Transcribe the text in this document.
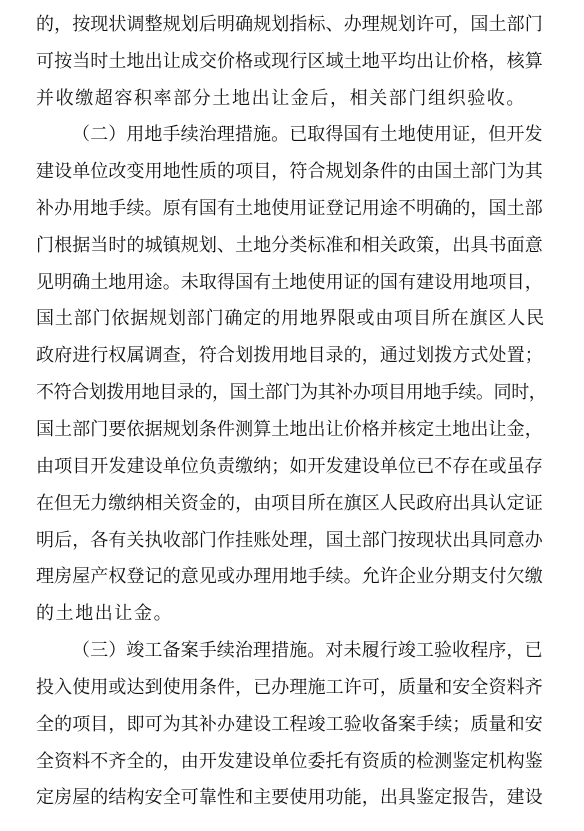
的，按现状调整规划后明确规划指标、办理规划许可，国土部门
可按当时土地出让成交价格或现行区域土地平均出让价格，核算
并收缴超容积率部分土地出让金后，相关部门组织验收。
（二）用地手续治理措施。已取得国有土地使用证，但开发
建设单位改变用地性质的项目，符合规划条件的由国土部门为其
补办用地手续。原有国有土地使用证登记用途不明确的，国土部
门根据当时的城镇规划、土地分类标准和相关政策，出具书面意
见明确土地用途。未取得国有土地使用证的国有建设用地项目，
国土部门依据规划部门确定的用地界限或由项目所在旗区人民
政府进行权属调查，符合划拨用地目录的，通过划拨方式处置；
不符合划拨用地目录的，国土部门为其补办项目用地手续。同时，
国土部门要依据规划条件测算土地出让价格并核定土地出让金，
由项目开发建设单位负责缴纳；如开发建设单位已不存在或虽存
在但无力缴纳相关资金的，由项目所在旗区人民政府出具认定证
明后，各有关执收部门作挂账处理，国土部门按现状出具同意办
理房屋产权登记的意见或办理用地手续。允许企业分期支付欠缴
的土地出让金。
（三）竣工备案手续治理措施。对未履行竣工验收程序，已
投入使用或达到使用条件，已办理施工许可，质量和安全资料齐
全的项目，即可为其补办建设工程竣工验收备案手续；质量和安
全资料不齐全的，由开发建设单位委托有资质的检测鉴定机构鉴
定房屋的结构安全可靠性和主要使用功能，出具鉴定报告，建设
